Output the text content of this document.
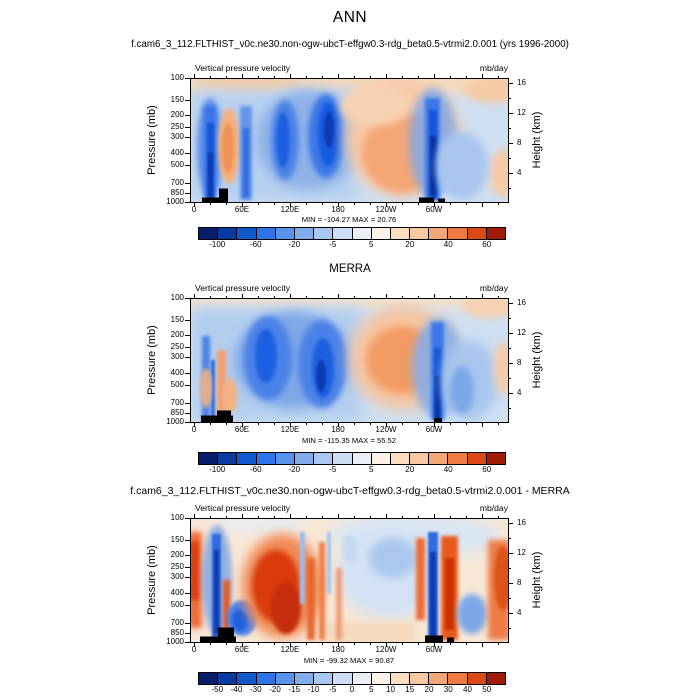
ANN
f.cam6_3_112.FLTHIST_v0c.ne30.non-ogw-ubcT-effgw0.3-rdg_beta0.5-vtrmi2.0.001 (yrs 1996-2000)
MERRA
f.cam6_3_112.FLTHIST_v0c.ne30.non-ogw-ubcT-effgw0.3-rdg_beta0.5-vtrmi2.0.001 - MERRA
Vertical pressure velocity	mb/day
Pressure (mb)	Height (km)
MIN = -104.27 MAX = 20.76
Vertical pressure velocity	mb/day
Pressure (mb)	Height (km)
MIN = -115.35 MAX = 55.52
Vertical pressure velocity	mb/day
Pressure (mb)	Height (km)
MIN = -99.32 MAX = 90.87
100
150
200
250
300
400
500
700
850
1000
16
12
8
4
0	60E	120E	180	120W	60W
-100	-60	-20	-5	5	20	40	60
100
150
200
250
300
400
500
700
850
1000
16
12
8
4
0	60E	120E	180	120W	60W
-100	-60	-20	-5	5	20	40	60
100
150
200
250
300
400
500
700
850
1000
16
12
8
4
0	60E	120E	180	120W	60W
-50 -40 -30 -20 -15 -10 -5 0 5 10 15 20 30 40 50
